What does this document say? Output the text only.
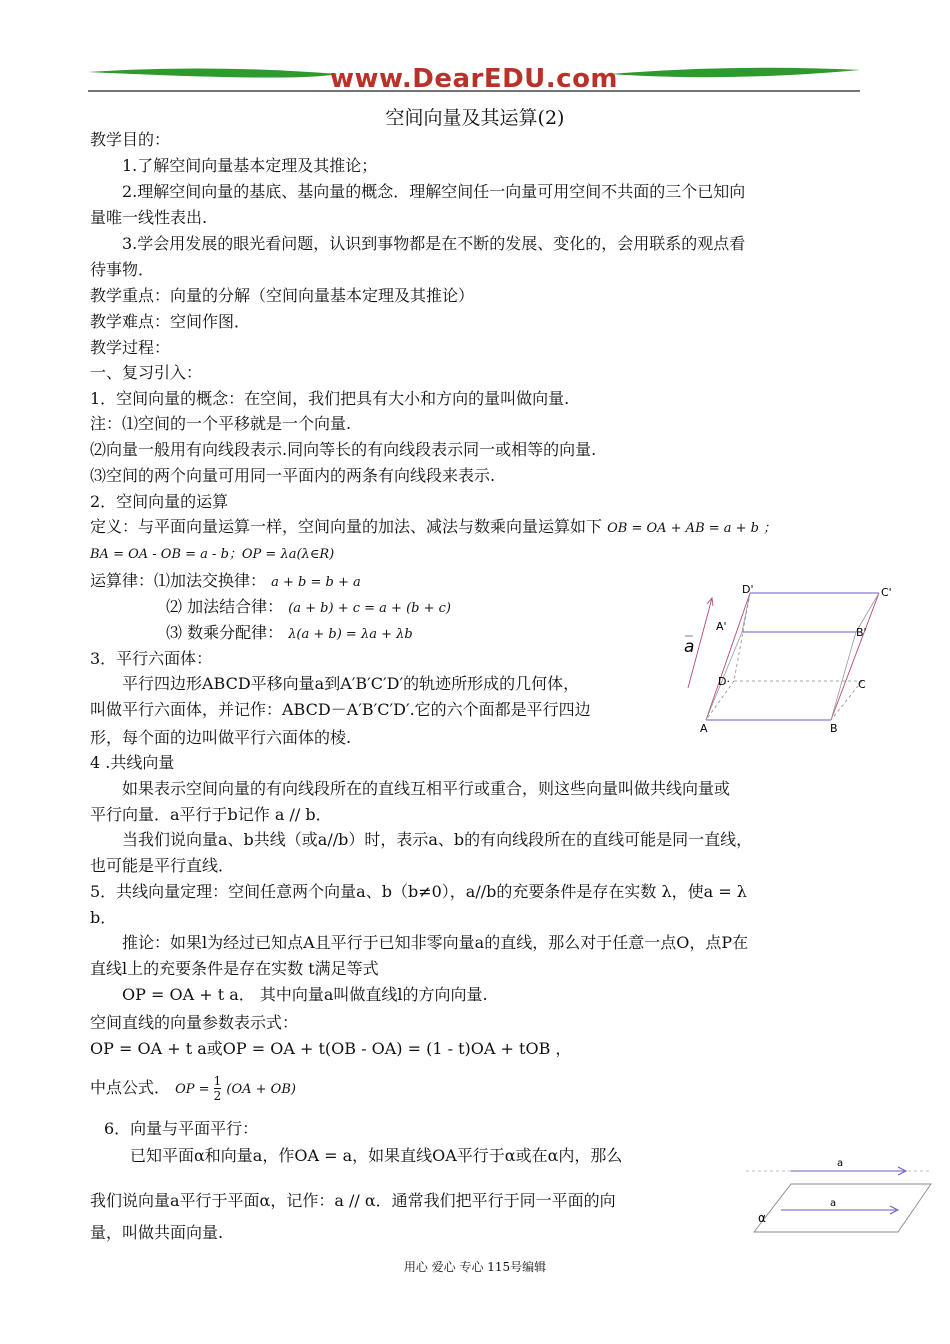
www.DearEDU.com
空间向量及其运算(2)
教学目的：
1.了解空间向量基本定理及其推论；
2.理解空间向量的基底、基向量的概念．理解空间任一向量可用空间不共面的三个已知向
量唯一线性表出.
3.学会用发展的眼光看问题，认识到事物都是在不断的发展、变化的，会用联系的观点看
待事物．
教学重点：向量的分解（空间向量基本定理及其推论）
教学难点：空间作图．
教学过程：
一、复习引入：
1．空间向量的概念：在空间，我们把具有大小和方向的量叫做向量.
注：⑴空间的一个平移就是一个向量.
⑵向量一般用有向线段表示.同向等长的有向线段表示同一或相等的向量.
⑶空间的两个向量可用同一平面内的两条有向线段来表示.
2．空间向量的运算
定义：与平面向量运算一样，空间向量的加法、减法与数乘向量运算如下 OB = OA + AB = a + b ；
BA = OA - OB = a - b；OP = λa(λ∈R)
运算律：⑴加法交换律： a + b = b + a
⑵ 加法结合律： (a + b) + c = a + (b + c)
⑶ 数乘分配律： λ(a + b) = λa + λb
3．平行六面体：
平行四边形ABCD平移向量a到A′B′C′D′的轨迹所形成的几何体，
叫做平行六面体，并记作：ABCD－A′B′C′D′.它的六个面都是平行四边
形，每个面的边叫做平行六面体的棱.
4 .共线向量
如果表示空间向量的有向线段所在的直线互相平行或重合，则这些向量叫做共线向量或
平行向量．a平行于b记作 a // b．
当我们说向量a、b共线（或a//b）时，表示a、b的有向线段所在的直线可能是同一直线，
也可能是平行直线．
5．共线向量定理：空间任意两个向量a、b（b≠0），a//b的充要条件是存在实数 λ，使a = λ
b．
推论：如果l为经过已知点A且平行于已知非零向量a的直线，那么对于任意一点O，点P在
直线l上的充要条件是存在实数 t满足等式
OP = OA + t a． 其中向量a叫做直线l的方向向量.
空间直线的向量参数表示式：
OP = OA + t a或OP = OA + t(OB - OA) = (1 - t)OA + tOB ，
中点公式． OP = $\frac{1}{2} (OA + OB)$
6．向量与平面平行：
已知平面α和向量a，作OA = a，如果直线OA平行于α或在α内，那么
我们说向量a平行于平面α，记作：a // α．通常我们把平行于同一平面的向
量，叫做共面向量.
D'	C'
A'	B'
D·	C
A	B
a
a
a
α
用心 爱心 专心 115号编辑
